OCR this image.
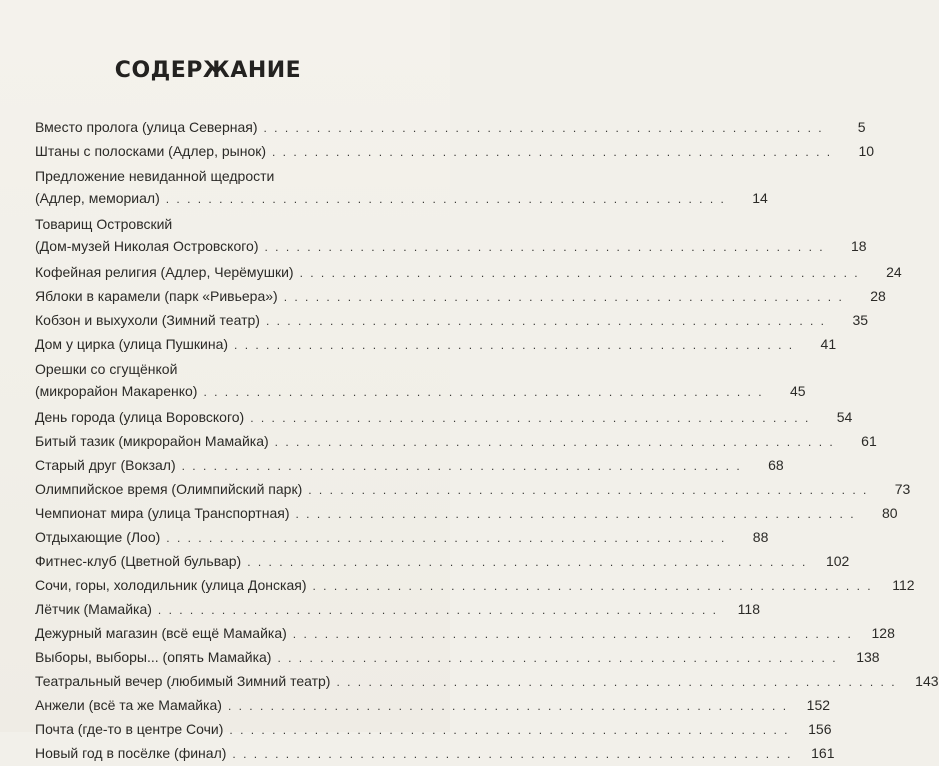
СОДЕРЖАНИЕ
Вместо пролога (улица Северная) . . .	5
Штаны с полосками (Адлер, рынок) . . .	10
Предложение невиданной щедрости
(Адлер, мемориал) . . .	14
Товарищ Островский
(Дом-музей Николая Островского) . . .	18
Кофейная религия (Адлер, Черёмушки) . . .	24
Яблоки в карамели (парк «Ривьера») . . .	28
Кобзон и выхухоли (Зимний театр) . . .	35
Дом у цирка (улица Пушкина) . . .	41
Орешки со сгущёнкой
(микрорайон Макаренко) . . .	45
День города (улица Воровского) . . .	54
Битый тазик (микрорайон Мамайка) . . .	61
Старый друг (Вокзал) . . .	68
Олимпийское время (Олимпийский парк) . . .	73
Чемпионат мира (улица Транспортная) . . .	80
Отдыхающие (Лоо) . . .	88
Фитнес-клуб (Цветной бульвар) . . .	102
Сочи, горы, холодильник (улица Донская) . . .	112
Лётчик (Мамайка) . . .	118
Дежурный магазин (всё ещё Мамайка) . . .	128
Выборы, выборы... (опять Мамайка) . . .	138
Театральный вечер (любимый Зимний театр) . . .	143
Анжели (всё та же Мамайка) . . .	152
Почта (где-то в центре Сочи) . . .	156
Новый год в посёлке (финал) . . .	161
